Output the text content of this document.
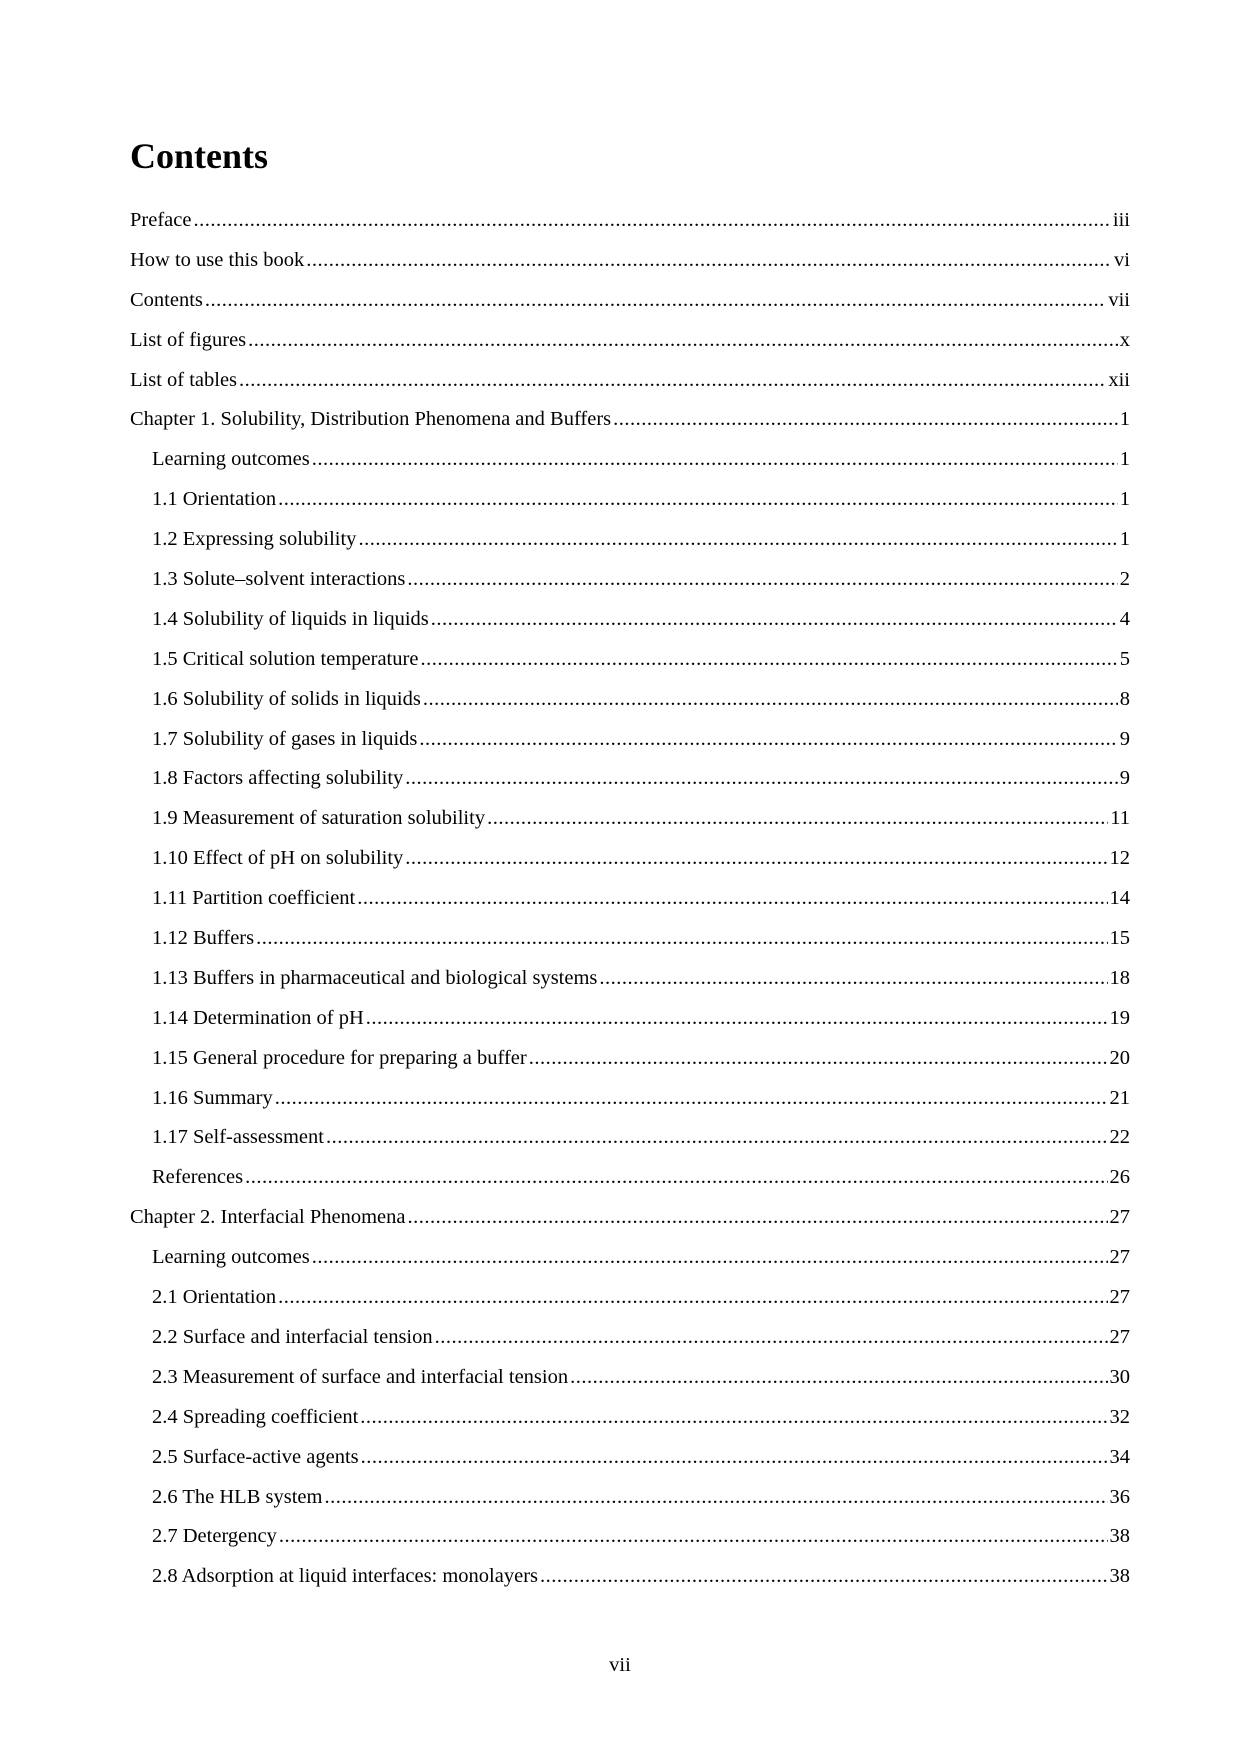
Contents
Preface .....	iii
How to use this book .....	vi
Contents .....	vii
List of figures .....	x
List of tables .....	xii
Chapter 1. Solubility, Distribution Phenomena and Buffers .....	1
Learning outcomes .....	1
1.1 Orientation .....	1
1.2 Expressing solubility .....	1
1.3 Solute–solvent interactions .....	2
1.4 Solubility of liquids in liquids .....	4
1.5 Critical solution temperature .....	5
1.6 Solubility of solids in liquids .....	8
1.7 Solubility of gases in liquids .....	9
1.8 Factors affecting solubility .....	9
1.9 Measurement of saturation solubility .....	11
1.10 Effect of pH on solubility .....	12
1.11 Partition coefficient .....	14
1.12 Buffers .....	15
1.13 Buffers in pharmaceutical and biological systems .....	18
1.14 Determination of pH .....	19
1.15 General procedure for preparing a buffer .....	20
1.16 Summary .....	21
1.17 Self-assessment .....	22
References .....	26
Chapter 2. Interfacial Phenomena .....	27
Learning outcomes .....	27
2.1 Orientation .....	27
2.2 Surface and interfacial tension .....	27
2.3 Measurement of surface and interfacial tension .....	30
2.4 Spreading coefficient .....	32
2.5 Surface-active agents .....	34
2.6 The HLB system .....	36
2.7 Detergency .....	38
2.8 Adsorption at liquid interfaces: monolayers .....	38
vii
